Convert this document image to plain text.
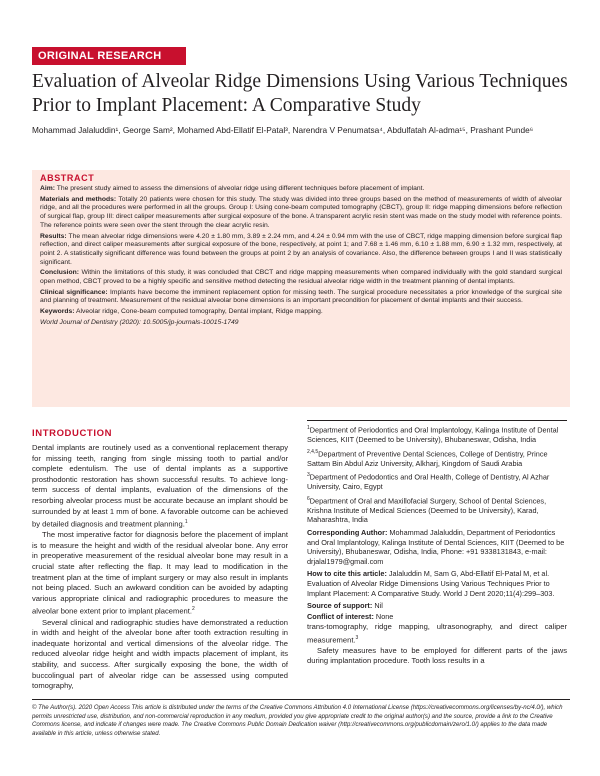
ORIGINAL RESEARCH
Evaluation of Alveolar Ridge Dimensions Using Various Techniques Prior to Implant Placement: A Comparative Study
Mohammad Jalaluddin¹, George Sam², Mohamed Abd-Ellatif El-Patal³, Narendra V Penumatsa⁴, Abdulfatah Al-adma¹⁵, Prashant Punde⁶
ABSTRACT

Aim: The present study aimed to assess the dimensions of alveolar ridge using different techniques before placement of implant.

Materials and methods: Totally 20 patients were chosen for this study. The study was divided into three groups based on the method of measurements of width of alveolar ridge, and all the procedures were performed in all the groups. Group I: Using cone-beam computed tomography (CBCT), group II: ridge mapping dimensions before reflection of surgical flap, group III: direct caliper measurements after surgical exposure of the bone. A transparent acrylic resin stent was made on the study model with reference points. The reference points were seen over the stent through the clear acrylic resin.

Results: The mean alveolar ridge dimensions were 4.20 ± 1.80 mm, 3.89 ± 2.24 mm, and 4.24 ± 0.94 mm with the use of CBCT, ridge mapping dimension before surgical flap reflection, and direct caliper measurements after surgical exposure of the bone, respectively, at point 1; and 7.68 ± 1.46 mm, 6.10 ± 1.88 mm, 6.90 ± 1.32 mm, respectively, at point 2. A statistically significant difference was found between the groups at point 2 by an analysis of covariance. Also, the difference between groups I and II was statistically significant.

Conclusion: Within the limitations of this study, it was concluded that CBCT and ridge mapping measurements when compared individually with the gold standard surgical open method, CBCT proved to be a highly specific and sensitive method detecting the residual alveolar ridge width in the treatment planning of dental implants.

Clinical significance: Implants have become the imminent replacement option for missing teeth. The surgical procedure necessitates a prior knowledge of the surgical site and planning of treatment. Measurement of the residual alveolar bone dimensions is an important precondition for placement of dental implants and their success.

Keywords: Alveolar ridge, Cone-beam computed tomography, Dental implant, Ridge mapping.

World Journal of Dentistry (2020): 10.5005/jp-journals-10015-1749

INTRODUCTION

Dental implants are routinely used as a conventional replacement therapy for missing teeth, ranging from single missing tooth to partial and/or complete edentulism. The use of dental implants as a supportive prosthodontic restoration has shown successful results. To achieve long-term success of dental implants, evaluation of the dimensions of the resorbing alveolar process must be accurate because an implant should be surrounded by at least 1 mm of bone. A favorable outcome can be achieved by detailed diagnosis and treatment planning.$^1$

The most imperative factor for diagnosis before the placement of implant is to measure the height and width of the residual alveolar bone. Any error in preoperative measurement of the residual alveolar bone may result in a crucial state after reflecting the flap. It may lead to modification in the treatment plan at the time of implant surgery or may also result in implants not being placed. Such an awkward condition can be avoided by adapting various appropriate clinical and radiographic procedures to measure the alveolar bone extent prior to implant placement.$^2$

Several clinical and radiographic studies have demonstrated a reduction in width and height of the alveolar bone after tooth extraction resulting in inadequate horizontal and vertical dimensions of the alveolar ridge. The reduced alveolar ridge height and width impacts placement of implant, its stability, and success. After surgically exposing the bone, the width of buccolingual part of alveolar ridge can be assessed using computed tomography,

$^1$Department of Periodontics and Oral Implantology, Kalinga Institute of Dental Sciences, KIIT (Deemed to be University), Bhubaneswar, Odisha, India

$^{2,4,5}$Department of Preventive Dental Sciences, College of Dentistry, Prince Sattam Bin Abdul Aziz University, Alkharj, Kingdom of Saudi Arabia

$^3$Department of Pedodontics and Oral Health, College of Dentistry, Al Azhar University, Cairo, Egypt

$^6$Department of Oral and Maxillofacial Surgery, School of Dental Sciences, Krishna Institute of Medical Sciences (Deemed to be University), Karad, Maharashtra, India

Corresponding Author: Mohammad Jalaluddin, Department of Periodontics and Oral Implantology, Kalinga Institute of Dental Sciences, KIIT (Deemed to be University), Bhubaneswar, Odisha, India, Phone: +91 9338131843, e-mail: drjalal1979@gmail.com

How to cite this article: Jalaluddin M, Sam G, Abd-Ellatif El-Patal M, et al. Evaluation of Alveolar Ridge Dimensions Using Various Techniques Prior to Implant Placement: A Comparative Study. World J Dent 2020;11(4):299–303.

Source of support: Nil

Conflict of interest: None

trans-tomography, ridge mapping, ultrasonography, and direct caliper measurement.$^3$

Safety measures have to be employed for different parts of the jaws during implantation procedure. Tooth loss results in a

© The Author(s). 2020 Open Access This article is distributed under the terms of the Creative Commons Attribution 4.0 International License (https://creativecommons.org/licenses/by-nc/4.0/), which permits unrestricted use, distribution, and non-commercial reproduction in any medium, provided you give appropriate credit to the original author(s) and the source, provide a link to the Creative Commons license, and indicate if changes were made. The Creative Commons Public Domain Dedication waiver (http://creativecommons.org/publicdomain/zero/1.0/) applies to the data made available in this article, unless otherwise stated.
